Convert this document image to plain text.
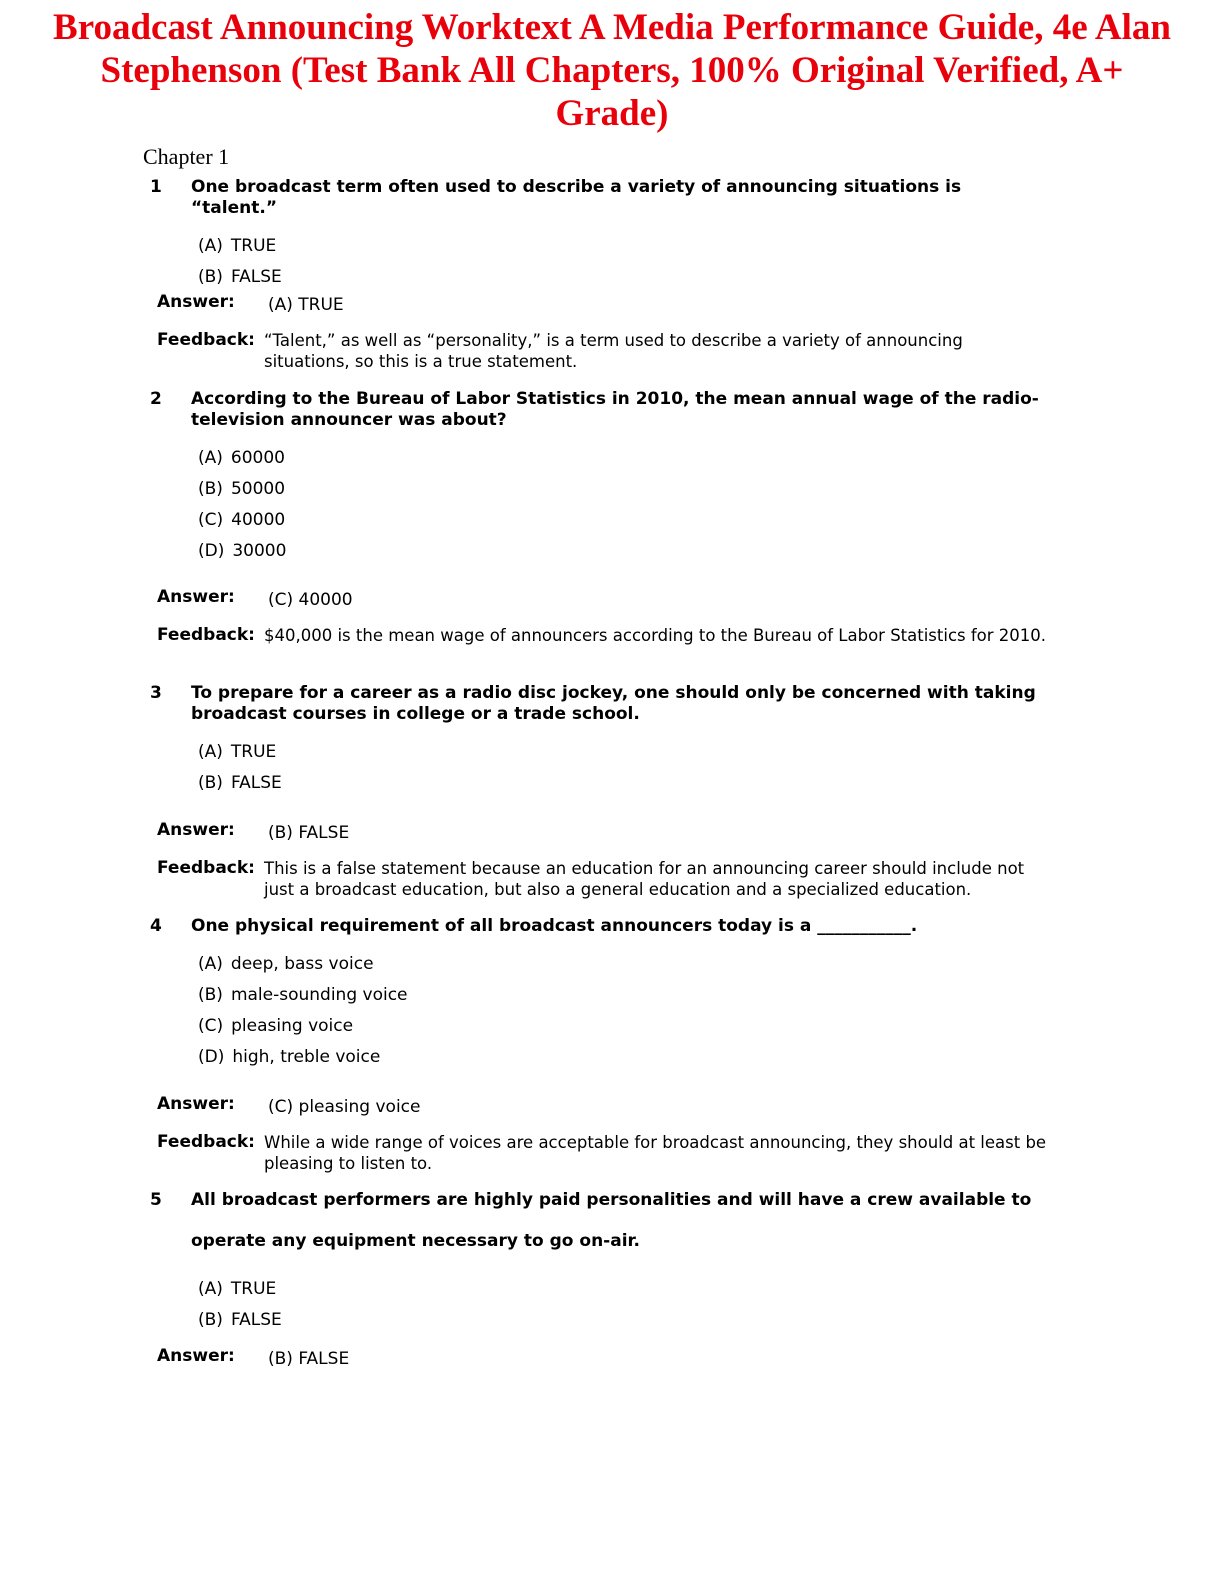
Broadcast Announcing Worktext A Media Performance Guide, 4e Alan Stephenson (Test Bank All Chapters, 100% Original Verified, A+ Grade)
Chapter 1
1	One broadcast term often used to describe a variety of announcing situations is “talent.”
(A) TRUE
(B) FALSE
Answer:	(A) TRUE
Feedback: “Talent,” as well as “personality,” is a term used to describe a variety of announcing situations, so this is a true statement.
2	According to the Bureau of Labor Statistics in 2010, the mean annual wage of the radio-television announcer was about?
(A) 60000
(B) 50000
(C) 40000
(D) 30000
Answer:	(C) 40000
Feedback: $40,000 is the mean wage of announcers according to the Bureau of Labor Statistics for 2010.
3	To prepare for a career as a radio disc jockey, one should only be concerned with taking broadcast courses in college or a trade school.
(A) TRUE
(B) FALSE
Answer:	(B) FALSE
Feedback: This is a false statement because an education for an announcing career should include not just a broadcast education, but also a general education and a specialized education.
4	One physical requirement of all broadcast announcers today is a ___________.
(A) deep, bass voice
(B) male-sounding voice
(C) pleasing voice
(D) high, treble voice
Answer:	(C) pleasing voice
Feedback: While a wide range of voices are acceptable for broadcast announcing, they should at least be pleasing to listen to.
5	All broadcast performers are highly paid personalities and will have a crew available to operate any equipment necessary to go on-air.
(A) TRUE
(B) FALSE
Answer:	(B) FALSE
